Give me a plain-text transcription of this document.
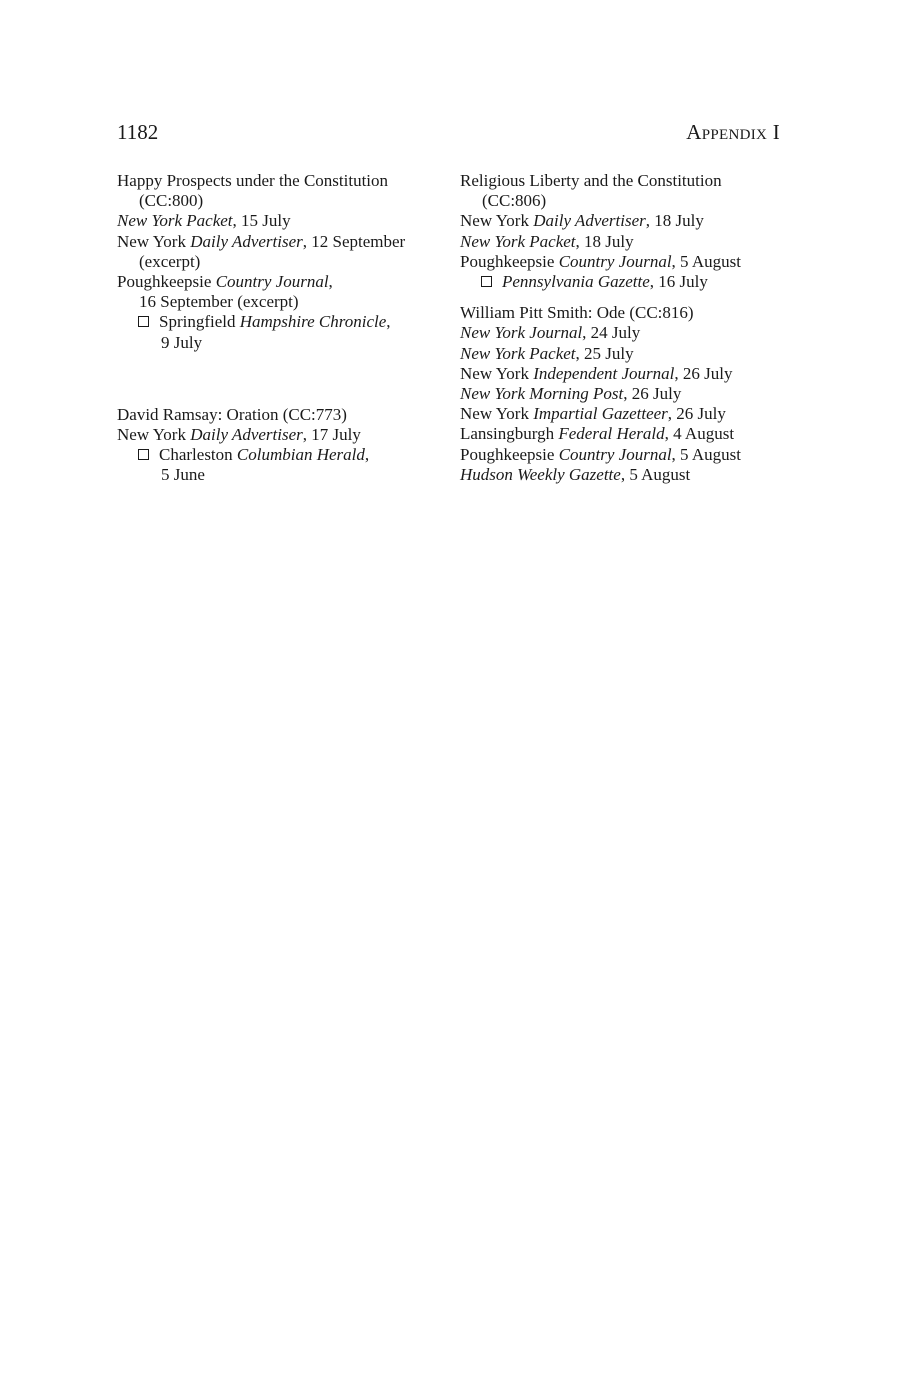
1182	Appendix I
Happy Prospects under the Constitution
(CC:800)
New York Packet, 15 July
New York Daily Advertiser, 12 September
(excerpt)
Poughkeepsie Country Journal,
16 September (excerpt)
Springfield Hampshire Chronicle,
9 July
David Ramsay: Oration (CC:773)
New York Daily Advertiser, 17 July
Charleston Columbian Herald,
5 June
Religious Liberty and the Constitution
(CC:806)
New York Daily Advertiser, 18 July
New York Packet, 18 July
Poughkeepsie Country Journal, 5 August
Pennsylvania Gazette, 16 July
William Pitt Smith: Ode (CC:816)
New York Journal, 24 July
New York Packet, 25 July
New York Independent Journal, 26 July
New York Morning Post, 26 July
New York Impartial Gazetteer, 26 July
Lansingburgh Federal Herald, 4 August
Poughkeepsie Country Journal, 5 August
Hudson Weekly Gazette, 5 August
